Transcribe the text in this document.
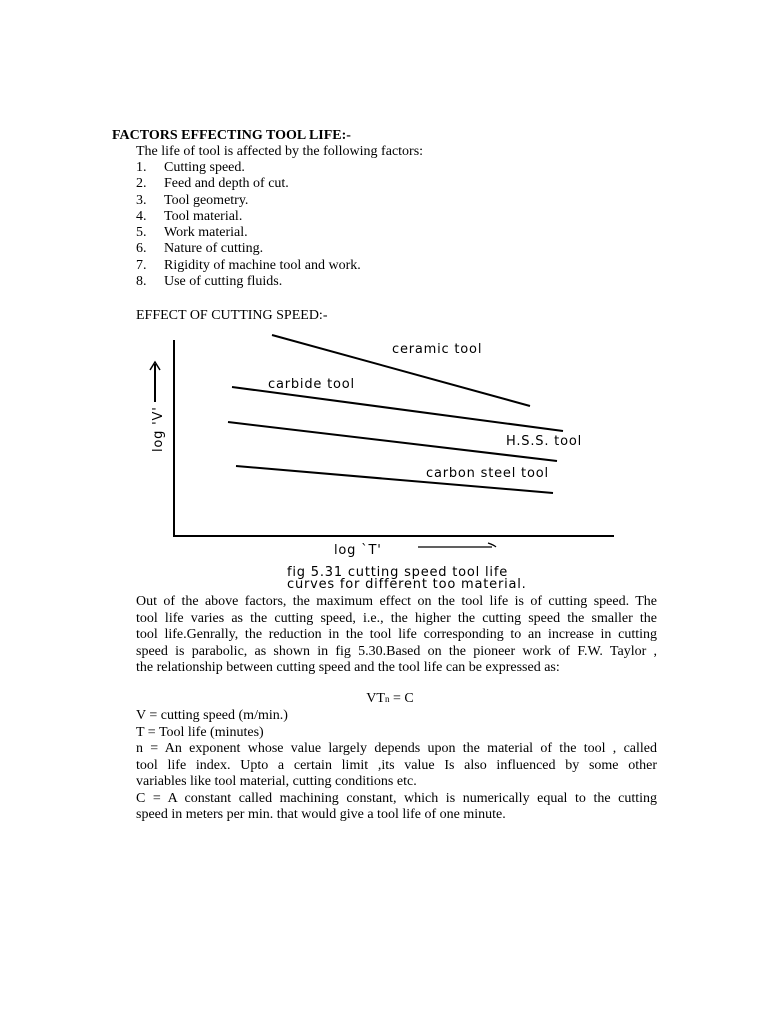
FACTORS EFFECTING TOOL LIFE:-

The life of tool is affected by the following factors:

1.	Cutting speed.
2.	Feed and depth of cut.
3.	Tool geometry.
4.	Tool material.
5.	Work material.
6.	Nature of cutting.
7.	Rigidity of machine tool and work.
8.	Use of cutting fluids.

EFFECT OF CUTTING SPEED:-

log 'V'
ceramic tool
carbide tool
H.S.S. tool
carbon steel tool
log `T'
fig 5.31 cutting speed tool life
curves for different too material.
Out of the above factors, the maximum effect on the tool life is of cutting speed. The
tool life varies as the cutting speed, i.e., the higher the cutting speed the smaller the
tool life.Genrally, the reduction in the tool life corresponding to an increase in cutting
speed is parabolic, as shown in fig 5.30.Based on the pioneer work of F.W. Taylor ,
the relationship between cutting speed and the tool life can be expressed as:

$VT^n = C$

V = cutting speed (m/min.)
T = Tool life (minutes)
n = An exponent whose value largely depends upon the material of the tool , called
tool life index. Upto a certain limit ,its value Is also influenced by some other
variables like tool material, cutting conditions etc.
C = A constant called machining constant, which is numerically equal to the cutting
speed in meters per min. that would give a tool life of one minute.
